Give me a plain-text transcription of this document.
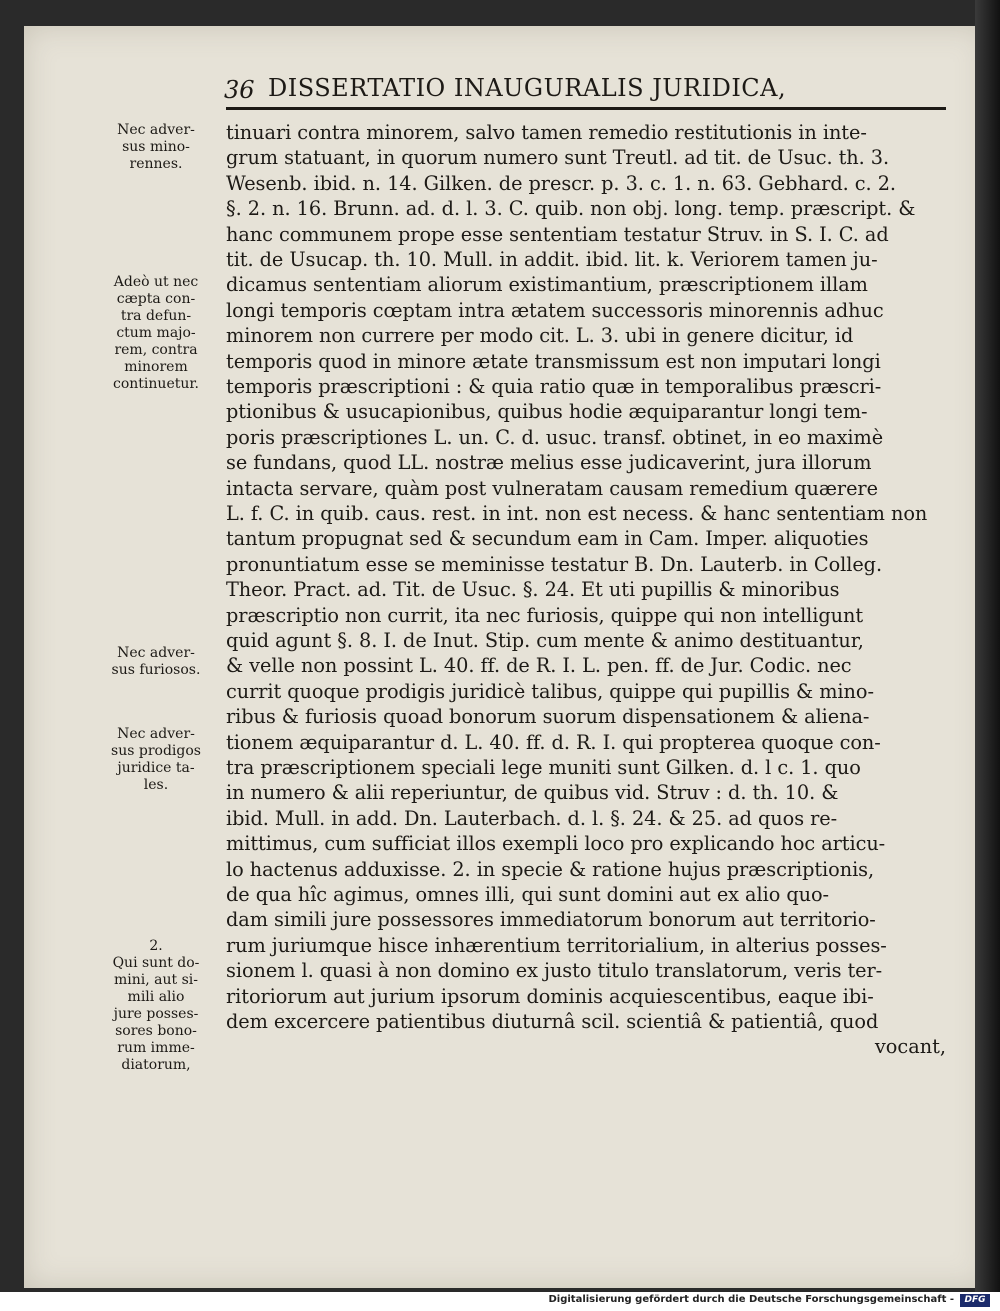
36 DISSERTATIO INAUGURALIS JURIDICA,
Nec adver-
sus mino-
rennes.
Adeò ut nec
cæpta con-
tra defun-
ctum majo-
rem, contra
minorem
continuetur.
Nec adver-
sus furiosos.
Nec adver-
sus prodigos
juridice ta-
les.
2.
Qui sunt do-
mini, aut si-
mili alio
jure posses-
sores bono-
rum imme-
diatorum,
tinuari contra minorem, salvo tamen remedio restitutionis in inte-
grum statuant, in quorum numero sunt Treutl. ad tit. de Usuc. th. 3.
Wesenb. ibid. n. 14. Gilken. de prescr. p. 3. c. 1. n. 63. Gebhard. c. 2.
§. 2. n. 16. Brunn. ad. d. l. 3. C. quib. non obj. long. temp. præscript. &
hanc communem prope esse sententiam testatur Struv. in S. I. C. ad
tit. de Usucap. th. 10. Mull. in addit. ibid. lit. k. Veriorem tamen ju-
dicamus sententiam aliorum existimantium, præscriptionem illam
longi temporis cœptam intra ætatem successoris minorennis adhuc
minorem non currere per modo cit. L. 3. ubi in genere dicitur, id
temporis quod in minore ætate transmissum est non imputari longi
temporis præscriptioni : & quia ratio quæ in temporalibus præscri-
ptionibus & usucapionibus, quibus hodie æquiparantur longi tem-
poris præscriptiones L. un. C. d. usuc. transf. obtinet, in eo maximè
se fundans, quod LL. nostræ melius esse judicaverint, jura illorum
intacta servare, quàm post vulneratam causam remedium quærere
L. f. C. in quib. caus. rest. in int. non est necess. & hanc sententiam non
tantum propugnat sed & secundum eam in Cam. Imper. aliquoties
pronuntiatum esse se meminisse testatur B. Dn. Lauterb. in Colleg.
Theor. Pract. ad. Tit. de Usuc. §. 24. Et uti pupillis & minoribus
præscriptio non currit, ita nec furiosis, quippe qui non intelligunt
quid agunt §. 8. I. de Inut. Stip. cum mente & animo destituantur,
& velle non possint L. 40. ff. de R. I. L. pen. ff. de Jur. Codic. nec
currit quoque prodigis juridicè talibus, quippe qui pupillis & mino-
ribus & furiosis quoad bonorum suorum dispensationem & aliena-
tionem æquiparantur d. L. 40. ff. d. R. I. qui propterea quoque con-
tra præscriptionem speciali lege muniti sunt Gilken. d. l c. 1. quo
in numero & alii reperiuntur, de quibus vid. Struv : d. th. 10. &
ibid. Mull. in add. Dn. Lauterbach. d. l. §. 24. & 25. ad quos re-
mittimus, cum sufficiat illos exempli loco pro explicando hoc articu-
lo hactenus adduxisse. 2. in specie & ratione hujus præscriptionis,
de qua hîc agimus, omnes illi, qui sunt domini aut ex alio quo-
dam simili jure possessores immediatorum bonorum aut territorio-
rum juriumque hisce inhærentium territorialium, in alterius posses-
sionem l. quasi à non domino ex justo titulo translatorum, veris ter-
ritoriorum aut jurium ipsorum dominis acquiescentibus, eaque ibi-
dem excercere patientibus diuturnâ scil. scientiâ & patientiâ, quod
vocant,
Digitalisierung gefördert durch die Deutsche Forschungsgemeinschaft -	DFG
